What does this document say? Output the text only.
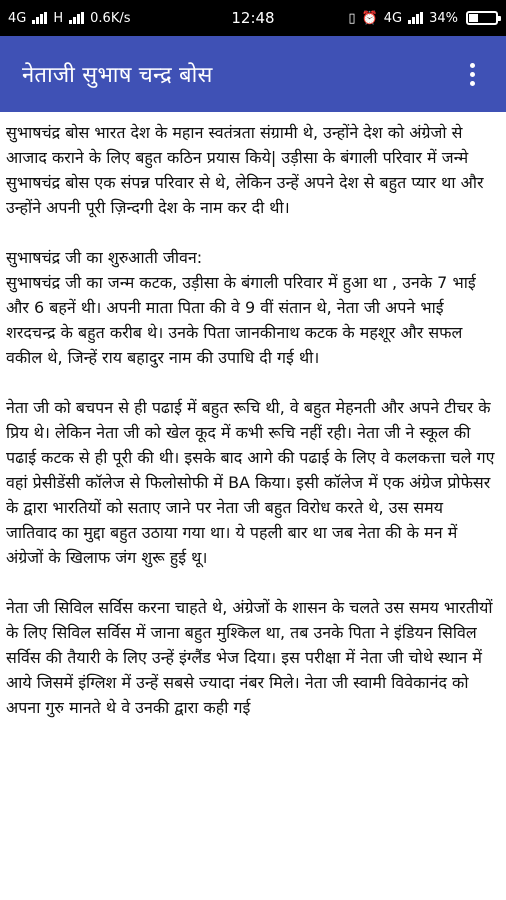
4G H 0.6K/s	12:48	▯ ⏰ 4G 34%
नेताजी सुभाष चन्द्र बोस

सुभाषचंद्र बोस भारत देश के महान स्वतंत्रता संग्रामी थे, उन्होंने देश को अंग्रेजो से आजाद कराने के लिए बहुत कठिन प्रयास किये| उड़ीसा के बंगाली परिवार में जन्मे सुभाषचंद्र बोस एक संपन्न परिवार से थे, लेकिन उन्हें अपने देश से बहुत प्यार था और उन्होंने अपनी पूरी ज़िन्दगी देश के नाम कर दी थी।

सुभाषचंद्र जी का शुरुआती जीवन:

सुभाषचंद्र जी का जन्म कटक, उड़ीसा के बंगाली परिवार में हुआ था , उनके 7 भाई और 6 बहनें थी। अपनी माता पिता की वे 9 वीं संतान थे, नेता जी अपने भाई शरदचन्द्र के बहुत करीब थे। उनके पिता जानकीनाथ कटक के महशूर और सफल वकील थे, जिन्हें राय बहादुर नाम की उपाधि दी गई थी।

नेता जी को बचपन से ही पढाई में बहुत रूचि थी, वे बहुत मेहनती और अपने टीचर के प्रिय थे। लेकिन नेता जी को खेल कूद में कभी रूचि नहीं रही। नेता जी ने स्कूल की पढाई कटक से ही पूरी की थी। इसके बाद आगे की पढाई के लिए वे कलकत्ता चले गए वहां प्रेसीडेंसी कॉलेज से फिलोसोफी में BA किया। इसी कॉलेज में एक अंग्रेज प्रोफेसर के द्वारा भारतियों को सताए जाने पर नेता जी बहुत विरोध करते थे, उस समय जातिवाद का मुद्दा बहुत उठाया गया था। ये पहली बार था जब नेता की के मन में अंग्रेजों के खिलाफ जंग शुरू हुई थू।

नेता जी सिविल सर्विस करना चाहते थे, अंग्रेजों के शासन के चलते उस समय भारतीयों के लिए सिविल सर्विस में जाना बहुत मुश्किल था, तब उनके पिता ने इंडियन सिविल सर्विस की तैयारी के लिए उन्हें इंग्लैंड भेज दिया। इस परीक्षा में नेता जी चोथे स्थान में आये जिसमें इंग्लिश में उन्हें सबसे ज्यादा नंबर मिले। नेता जी स्वामी विवेकानंद को अपना गुरु मानते थे वे उनकी द्वारा कही गई
